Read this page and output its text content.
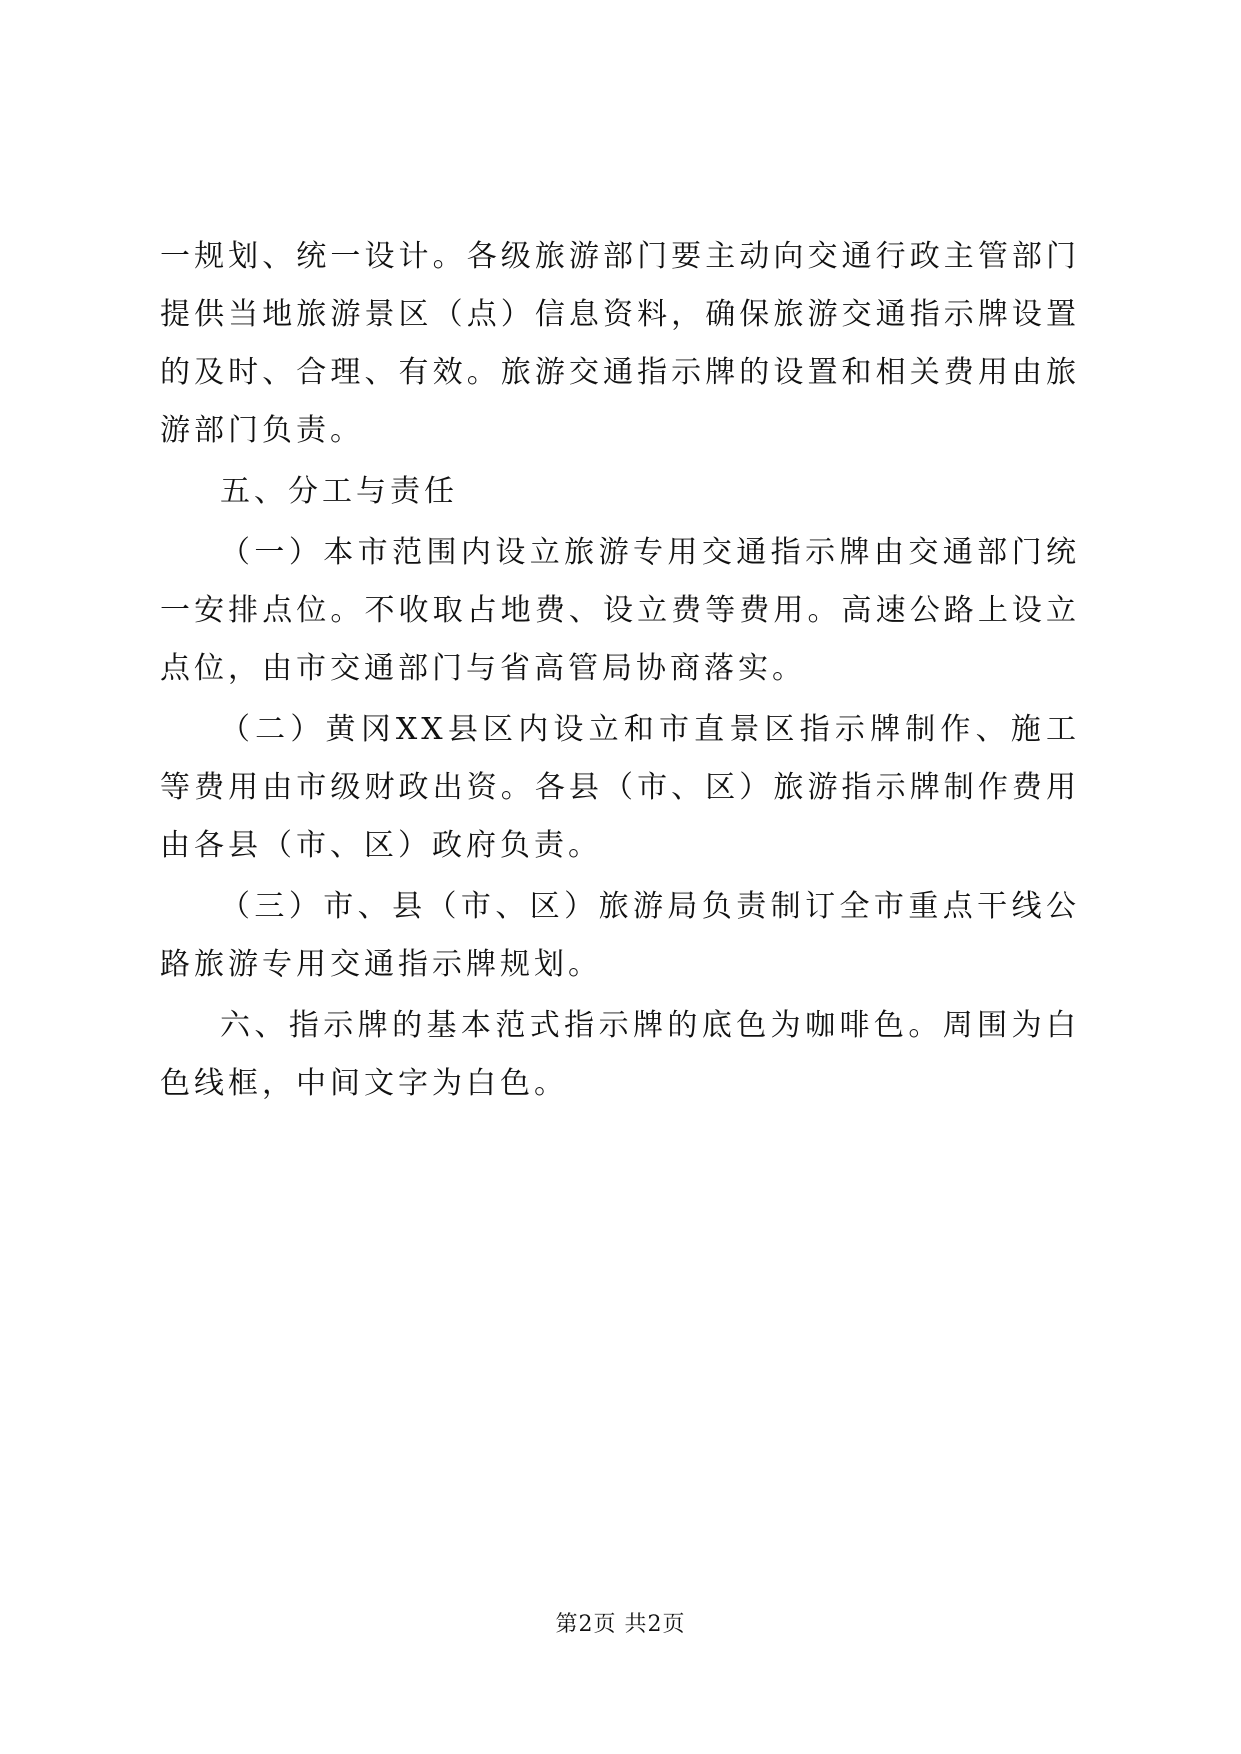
一规划、统一设计。各级旅游部门要主动向交通行政主管部门提供当地旅游景区（点）信息资料，确保旅游交通指示牌设置的及时、合理、有效。旅游交通指示牌的设置和相关费用由旅游部门负责。

五、分工与责任

（一）本市范围内设立旅游专用交通指示牌由交通部门统一安排点位。不收取占地费、设立费等费用。高速公路上设立点位，由市交通部门与省高管局协商落实。

（二）黄冈XX县区内设立和市直景区指示牌制作、施工等费用由市级财政出资。各县（市、区）旅游指示牌制作费用由各县（市、区）政府负责。

（三）市、县（市、区）旅游局负责制订全市重点干线公路旅游专用交通指示牌规划。

六、指示牌的基本范式指示牌的底色为咖啡色。周围为白色线框，中间文字为白色。

第2页 共2页
